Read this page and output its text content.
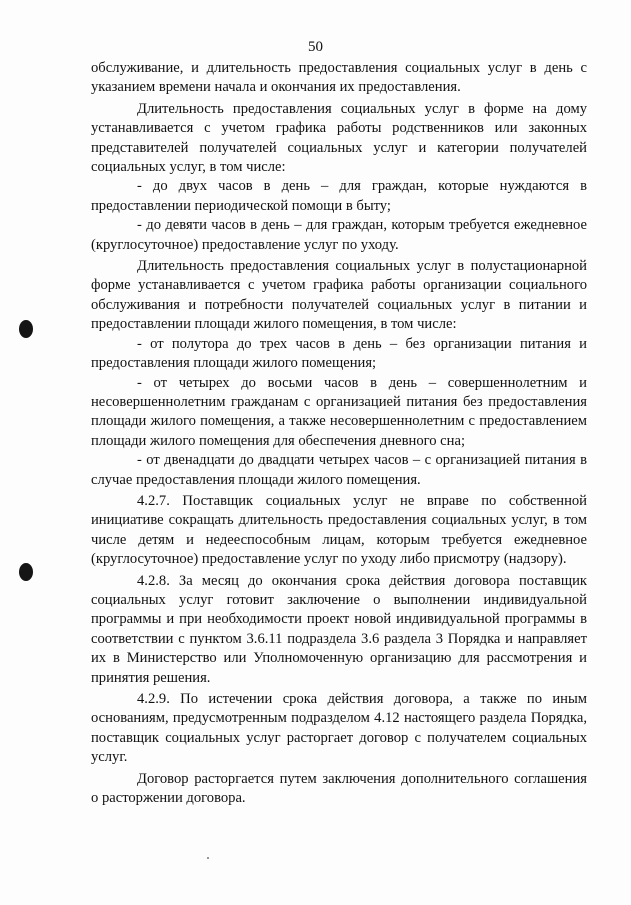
50

обслуживание, и длительность предоставления социальных услуг в день с указанием времени начала и окончания их предоставления.

Длительность предоставления социальных услуг в форме на дому устанавливается с учетом графика работы родственников или законных представителей получателей социальных услуг и категории получателей социальных услуг, в том числе:

- до двух часов в день – для граждан, которые нуждаются в предоставлении периодической помощи в быту;

- до девяти часов в день – для граждан, которым требуется ежедневное (круглосуточное) предоставление услуг по уходу.

Длительность предоставления социальных услуг в полустационарной форме устанавливается с учетом графика работы организации социального обслуживания и потребности получателей социальных услуг в питании и предоставлении площади жилого помещения, в том числе:

- от полутора до трех часов в день – без организации питания и предоставления площади жилого помещения;

- от четырех до восьми часов в день – совершеннолетним и несовершеннолетним гражданам с организацией питания без предоставления площади жилого помещения, а также несовершеннолетним с предоставлением площади жилого помещения для обеспечения дневного сна;

- от двенадцати до двадцати четырех часов – с организацией питания в случае предоставления площади жилого помещения.

4.2.7. Поставщик социальных услуг не вправе по собственной инициативе сокращать длительность предоставления социальных услуг, в том числе детям и недееспособным лицам, которым требуется ежедневное (круглосуточное) предоставление услуг по уходу либо присмотру (надзору).

4.2.8. За месяц до окончания срока действия договора поставщик социальных услуг готовит заключение о выполнении индивидуальной программы и при необходимости проект новой индивидуальной программы в соответствии с пунктом 3.6.11 подраздела 3.6 раздела 3 Порядка и направляет их в Министерство или Уполномоченную организацию для рассмотрения и принятия решения.

4.2.9. По истечении срока действия договора, а также по иным основаниям, предусмотренным подразделом 4.12 настоящего раздела Порядка, поставщик социальных услуг расторгает договор с получателем социальных услуг.

Договор расторгается путем заключения дополнительного соглашения о расторжении договора.
